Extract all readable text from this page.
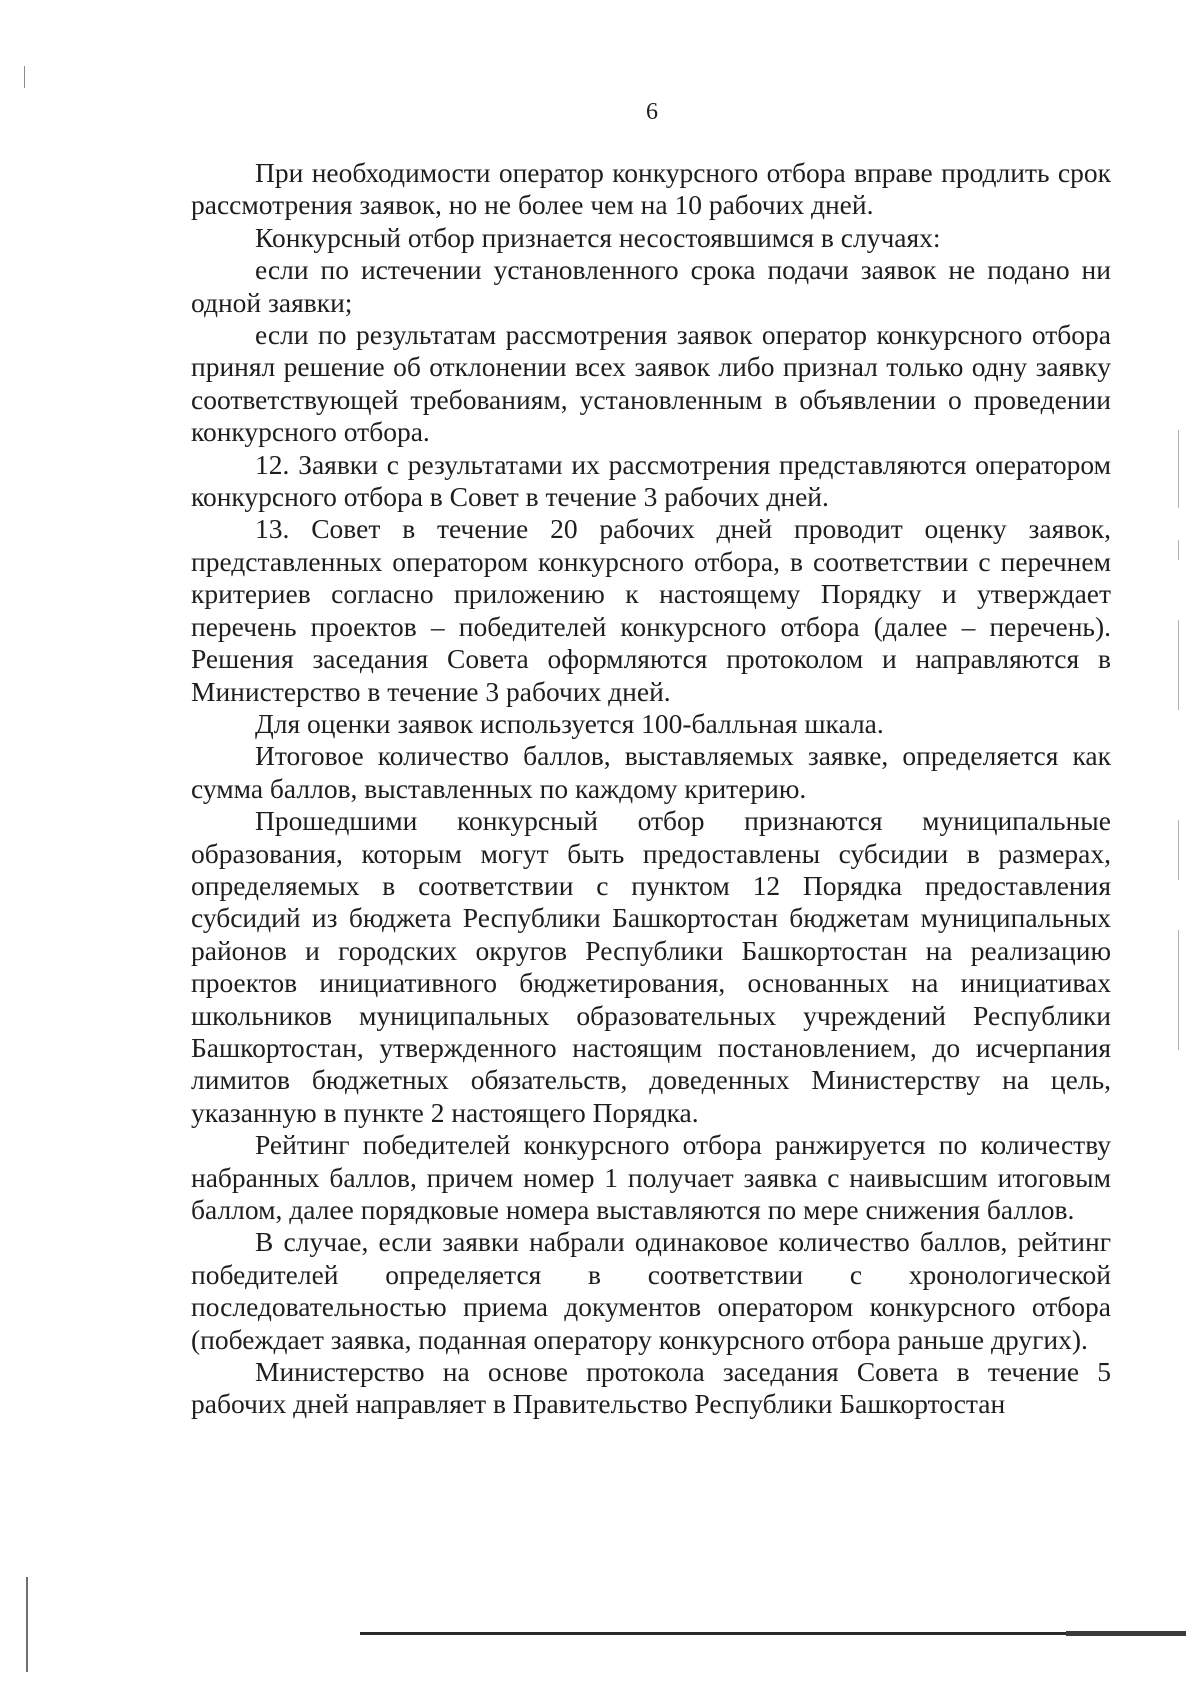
6

При необходимости оператор конкурсного отбора вправе продлить срок рассмотрения заявок, но не более чем на 10 рабочих дней.

Конкурсный отбор признается несостоявшимся в случаях:

если по истечении установленного срока подачи заявок не подано ни одной заявки;

если по результатам рассмотрения заявок оператор конкурсного отбора принял решение об отклонении всех заявок либо признал только одну заявку соответствующей требованиям, установленным в объявлении о проведении конкурсного отбора.

12. Заявки с результатами их рассмотрения представляются оператором конкурсного отбора в Совет в течение 3 рабочих дней.

13. Совет в течение 20 рабочих дней проводит оценку заявок, представленных оператором конкурсного отбора, в соответствии с перечнем критериев согласно приложению к настоящему Порядку и утверждает перечень проектов – победителей конкурсного отбора (далее – перечень). Решения заседания Совета оформляются протоколом и направляются в Министерство в течение 3 рабочих дней.

Для оценки заявок используется 100-балльная шкала.

Итоговое количество баллов, выставляемых заявке, определяется как сумма баллов, выставленных по каждому критерию.

Прошедшими конкурсный отбор признаются муниципальные образования, которым могут быть предоставлены субсидии в размерах, определяемых в соответствии с пунктом 12 Порядка предоставления субсидий из бюджета Республики Башкортостан бюджетам муниципальных районов и городских округов Республики Башкортостан на реализацию проектов инициативного бюджетирования, основанных на инициативах школьников муниципальных образовательных учреждений Республики Башкортостан, утвержденного настоящим постановлением, до исчерпания лимитов бюджетных обязательств, доведенных Министерству на цель, указанную в пункте 2 настоящего Порядка.

Рейтинг победителей конкурсного отбора ранжируется по количеству набранных баллов, причем номер 1 получает заявка с наивысшим итоговым баллом, далее порядковые номера выставляются по мере снижения баллов.

В случае, если заявки набрали одинаковое количество баллов, рейтинг победителей определяется в соответствии с хронологической последовательностью приема документов оператором конкурсного отбора (побеждает заявка, поданная оператору конкурсного отбора раньше других).

Министерство на основе протокола заседания Совета в течение 5 рабочих дней направляет в Правительство Республики Башкортостан
